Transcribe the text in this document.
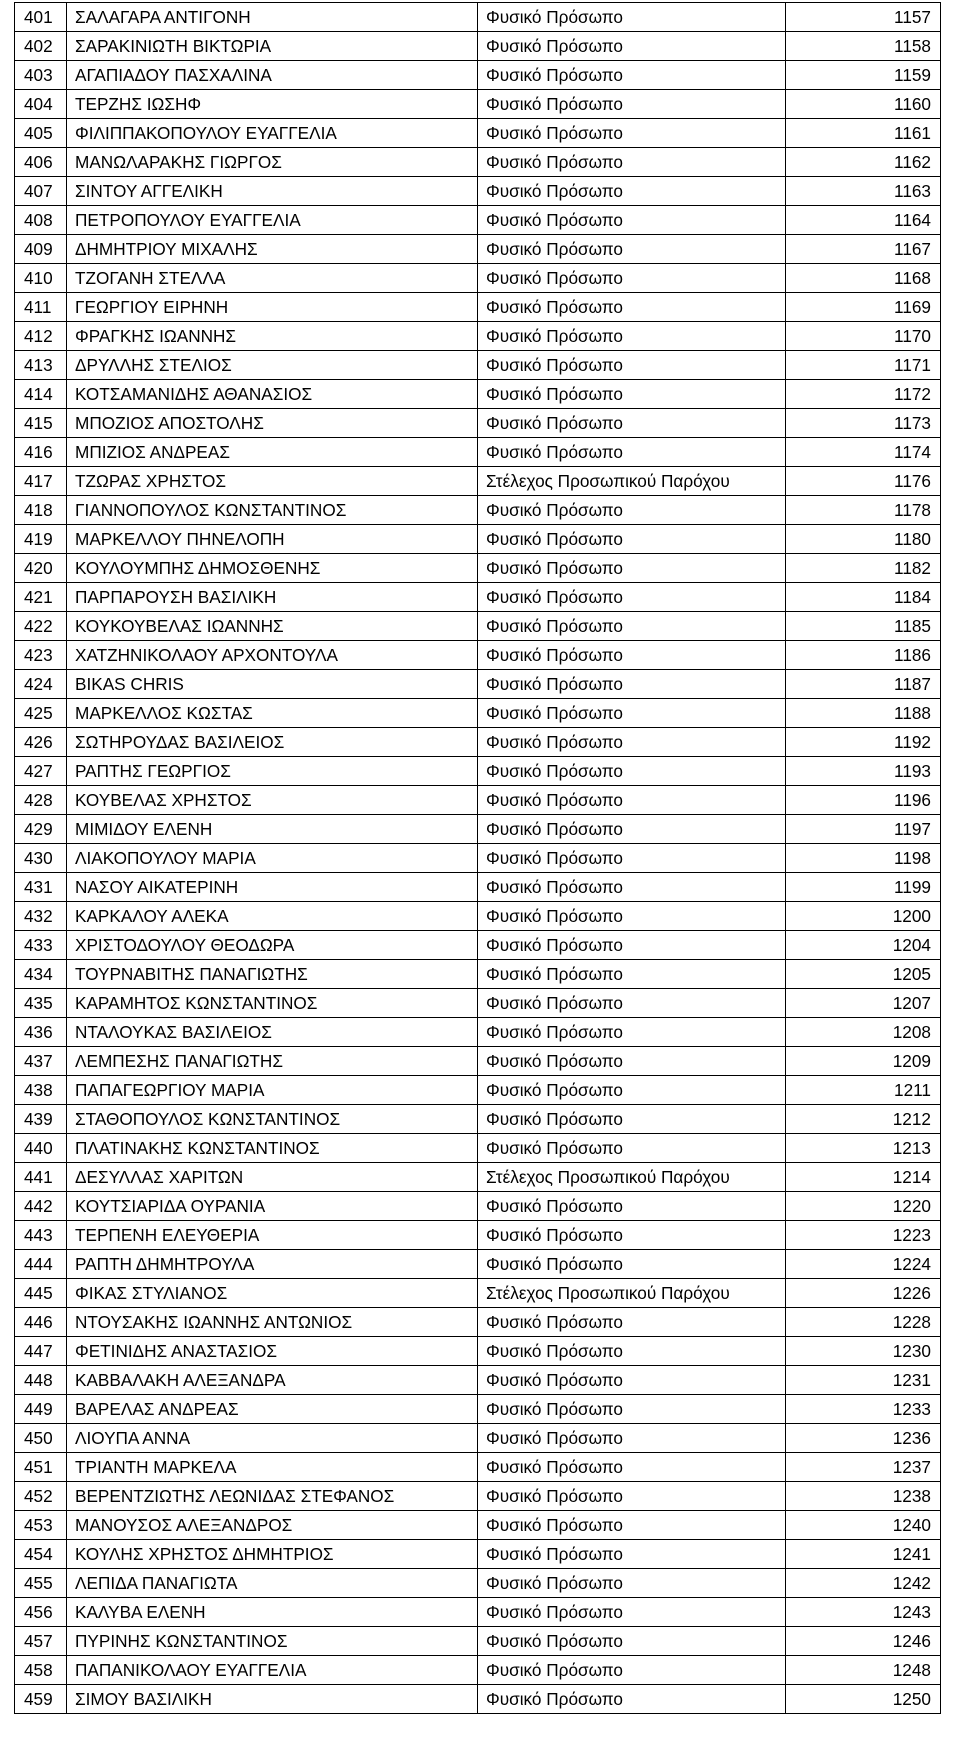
401	ΣΑΛΑΓΑΡΑ ΑΝΤΙΓΟΝΗ	Φυσικό Πρόσωπο	1157
402	ΣΑΡΑΚΙΝΙΩΤΗ ΒΙΚΤΩΡΙΑ	Φυσικό Πρόσωπο	1158
403	ΑΓΑΠΙΑΔΟΥ ΠΑΣΧΑΛΙΝΑ	Φυσικό Πρόσωπο	1159
404	ΤΕΡΖΗΣ ΙΩΣΗΦ	Φυσικό Πρόσωπο	1160
405	ΦΙΛΙΠΠΑΚΟΠΟΥΛΟΥ ΕΥΑΓΓΕΛΙΑ	Φυσικό Πρόσωπο	1161
406	ΜΑΝΩΛΑΡΑΚΗΣ ΓΙΩΡΓΟΣ	Φυσικό Πρόσωπο	1162
407	ΣΙΝΤΟΥ ΑΓΓΕΛΙΚΗ	Φυσικό Πρόσωπο	1163
408	ΠΕΤΡΟΠΟΥΛΟΥ ΕΥΑΓΓΕΛΙΑ	Φυσικό Πρόσωπο	1164
409	ΔΗΜΗΤΡΙΟΥ ΜΙΧΑΛΗΣ	Φυσικό Πρόσωπο	1167
410	ΤΖΟΓΑΝΗ ΣΤΕΛΛΑ	Φυσικό Πρόσωπο	1168
411	ΓΕΩΡΓΙΟΥ ΕΙΡΗΝΗ	Φυσικό Πρόσωπο	1169
412	ΦΡΑΓΚΗΣ ΙΩΑΝΝΗΣ	Φυσικό Πρόσωπο	1170
413	ΔΡΥΛΛΗΣ ΣΤΕΛΙΟΣ	Φυσικό Πρόσωπο	1171
414	ΚΟΤΣΑΜΑΝΙΔΗΣ ΑΘΑΝΑΣΙΟΣ	Φυσικό Πρόσωπο	1172
415	ΜΠΟΖΙΟΣ ΑΠΟΣΤΟΛΗΣ	Φυσικό Πρόσωπο	1173
416	ΜΠΙΖΙΟΣ ΑΝΔΡΕΑΣ	Φυσικό Πρόσωπο	1174
417	ΤΖΩΡΑΣ ΧΡΗΣΤΟΣ	Στέλεχος Προσωπικού Παρόχου	1176
418	ΓΙΑΝΝΟΠΟΥΛΟΣ ΚΩΝΣΤΑΝΤΙΝΟΣ	Φυσικό Πρόσωπο	1178
419	ΜΑΡΚΕΛΛΟΥ ΠΗΝΕΛΟΠΗ	Φυσικό Πρόσωπο	1180
420	ΚΟΥΛΟΥΜΠΗΣ ΔΗΜΟΣΘΕΝΗΣ	Φυσικό Πρόσωπο	1182
421	ΠΑΡΠΑΡΟΥΣΗ ΒΑΣΙΛΙΚΗ	Φυσικό Πρόσωπο	1184
422	ΚΟΥΚΟΥΒΕΛΑΣ ΙΩΑΝΝΗΣ	Φυσικό Πρόσωπο	1185
423	ΧΑΤΖΗΝΙΚΟΛΑΟΥ ΑΡΧΟΝΤΟΥΛΑ	Φυσικό Πρόσωπο	1186
424	BIKAS CHRIS	Φυσικό Πρόσωπο	1187
425	ΜΑΡΚΕΛΛΟΣ ΚΩΣΤΑΣ	Φυσικό Πρόσωπο	1188
426	ΣΩΤΗΡΟΥΔΑΣ ΒΑΣΙΛΕΙΟΣ	Φυσικό Πρόσωπο	1192
427	ΡΑΠΤΗΣ ΓΕΩΡΓΙΟΣ	Φυσικό Πρόσωπο	1193
428	ΚΟΥΒΕΛΑΣ ΧΡΗΣΤΟΣ	Φυσικό Πρόσωπο	1196
429	ΜΙΜΙΔΟΥ ΕΛΕΝΗ	Φυσικό Πρόσωπο	1197
430	ΛΙΑΚΟΠΟΥΛΟΥ ΜΑΡΙΑ	Φυσικό Πρόσωπο	1198
431	ΝΑΣΟΥ ΑΙΚΑΤΕΡΙΝΗ	Φυσικό Πρόσωπο	1199
432	ΚΑΡΚΑΛΟΥ ΑΛΕΚΑ	Φυσικό Πρόσωπο	1200
433	ΧΡΙΣΤΟΔΟΥΛΟΥ ΘΕΟΔΩΡΑ	Φυσικό Πρόσωπο	1204
434	ΤΟΥΡΝΑΒΙΤΗΣ ΠΑΝΑΓΙΩΤΗΣ	Φυσικό Πρόσωπο	1205
435	ΚΑΡΑΜΗΤΟΣ ΚΩΝΣΤΑΝΤΙΝΟΣ	Φυσικό Πρόσωπο	1207
436	ΝΤΑΛΟΥΚΑΣ ΒΑΣΙΛΕΙΟΣ	Φυσικό Πρόσωπο	1208
437	ΛΕΜΠΕΣΗΣ ΠΑΝΑΓΙΩΤΗΣ	Φυσικό Πρόσωπο	1209
438	ΠΑΠΑΓΕΩΡΓΙΟΥ ΜΑΡΙΑ	Φυσικό Πρόσωπο	1211
439	ΣΤΑΘΟΠΟΥΛΟΣ ΚΩΝΣΤΑΝΤΙΝΟΣ	Φυσικό Πρόσωπο	1212
440	ΠΛΑΤΙΝΑΚΗΣ ΚΩΝΣΤΑΝΤΙΝΟΣ	Φυσικό Πρόσωπο	1213
441	ΔΕΣΥΛΛΑΣ ΧΑΡΙΤΩΝ	Στέλεχος Προσωπικού Παρόχου	1214
442	ΚΟΥΤΣΙΑΡΙΔΑ ΟΥΡΑΝΙΑ	Φυσικό Πρόσωπο	1220
443	ΤΕΡΠΕΝΗ ΕΛΕΥΘΕΡΙΑ	Φυσικό Πρόσωπο	1223
444	ΡΑΠΤΗ ΔΗΜΗΤΡΟΥΛΑ	Φυσικό Πρόσωπο	1224
445	ΦΙΚΑΣ ΣΤΥΛΙΑΝΟΣ	Στέλεχος Προσωπικού Παρόχου	1226
446	ΝΤΟΥΣΑΚΗΣ ΙΩΑΝΝΗΣ ΑΝΤΩΝΙΟΣ	Φυσικό Πρόσωπο	1228
447	ΦΕΤΙΝΙΔΗΣ ΑΝΑΣΤΑΣΙΟΣ	Φυσικό Πρόσωπο	1230
448	ΚΑΒΒΑΛΑΚΗ ΑΛΕΞΑΝΔΡΑ	Φυσικό Πρόσωπο	1231
449	ΒΑΡΕΛΑΣ ΑΝΔΡΕΑΣ	Φυσικό Πρόσωπο	1233
450	ΛΙΟΥΠΑ ΑΝΝΑ	Φυσικό Πρόσωπο	1236
451	ΤΡΙΑΝΤΗ ΜΑΡΚΕΛΑ	Φυσικό Πρόσωπο	1237
452	ΒΕΡΕΝΤΖΙΩΤΗΣ ΛΕΩΝΙΔΑΣ ΣΤΕΦΑΝΟΣ	Φυσικό Πρόσωπο	1238
453	ΜΑΝΟΥΣΟΣ ΑΛΕΞΑΝΔΡΟΣ	Φυσικό Πρόσωπο	1240
454	ΚΟΥΛΗΣ ΧΡΗΣΤΟΣ ΔΗΜΗΤΡΙΟΣ	Φυσικό Πρόσωπο	1241
455	ΛΕΠΙΔΑ ΠΑΝΑΓΙΩΤΑ	Φυσικό Πρόσωπο	1242
456	ΚΑΛΥΒΑ ΕΛΕΝΗ	Φυσικό Πρόσωπο	1243
457	ΠΥΡΙΝΗΣ ΚΩΝΣΤΑΝΤΙΝΟΣ	Φυσικό Πρόσωπο	1246
458	ΠΑΠΑΝΙΚΟΛΑΟΥ ΕΥΑΓΓΕΛΙΑ	Φυσικό Πρόσωπο	1248
459	ΣΙΜΟΥ ΒΑΣΙΛΙΚΗ	Φυσικό Πρόσωπο	1250
